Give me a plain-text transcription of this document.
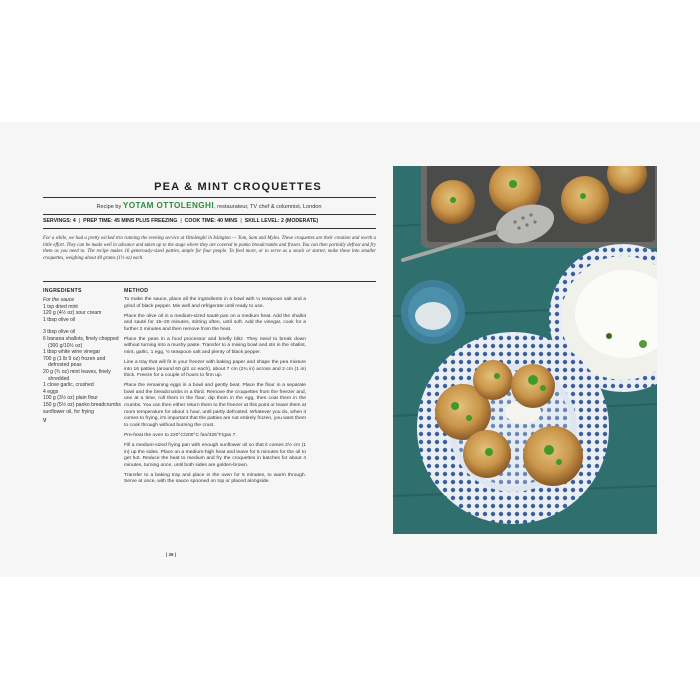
PEA & MINT CROQUETTES
Recipe by YOTAM OTTOLENGHI, restaurateur, TV chef & columnist, London
SERVINGS: 4 | PREP TIME: 45 MINS PLUS FREEZING | COOK TIME: 40 MINS | SKILL LEVEL: 2 (MODERATE)
For a while, we had a pretty wicked trio running the evening service at Ottolenghi in Islington — Tom, Sam and Myles. These croquettes are their creation and worth a little effort. They can be made well in advance and taken up to the stage where they are covered in panko breadcrumbs and frozen. You can then partially defrost and fry them as you need to. The recipe makes 16 generously-sized patties, ample for four people. To feed more, or to serve as a snack or starter, make these into smaller croquettes, weighing about 40 grams (1½ oz) each.
INGREDIENTS	METHOD
For the sauce
1 tsp dried mint
120 g (4½ oz) sour cream
1 tbsp olive oil
3 tbsp olive oil
6 banana shallots, finely chopped (300 g/10½ oz)
1 tbsp white wine vinegar
700 g (1 lb 9 oz) frozen and defrosted peas
20 g (¾ oz) mint leaves, finely shredded
1 clove garlic, crushed
4 eggs
100 g (3½ oz) plain flour
150 g (5½ oz) panko breadcrumbs
sunflower oil, for frying
V

To make the sauce, place all the ingredients in a bowl with ¼ teaspoon salt and a grind of black pepper. Mix well and refrigerate until ready to use.

Place the olive oil in a medium-sized sauté pan on a medium heat. Add the shallot and sauté for 15–20 minutes, stirring often, until soft. Add the vinegar, cook for a further 2 minutes and then remove from the heat.

Place the peas in a food processor and briefly blitz. They need to break down without turning into a mushy paste. Transfer to a mixing bowl and stir in the shallot, mint, garlic, 1 egg, ½ teaspoon salt and plenty of black pepper.

Line a tray that will fit in your freezer with baking paper and shape the pea mixture into 16 patties (around 60 g/2 oz each), about 7 cm (2¾ in) across and 2 cm (1 in) thick. Freeze for a couple of hours to firm up.

Place the remaining eggs in a bowl and gently beat. Place the flour in a separate bowl and the breadcrumbs in a third. Remove the croquettes from the freezer and, one at a time, roll them in the flour, dip them in the egg, then coat them in the crumbs. You can then either return them to the freezer at this point or leave them at room temperature for about 1 hour, until partly defrosted. Whatever you do, when it comes to frying, it's important that the patties are not entirely frozen, you want them to cook through without burning the crust.

Pre-heat the oven to 220°C/200°C fan/425°F/gas 7.

Fill a medium-sized frying pan with enough sunflower oil so that it comes 2½ cm (1 in) up the sides. Place on a medium-high heat and leave for 5 minutes for the oil to get hot. Reduce the heat to medium and fry the croquettes in batches for about 4 minutes, turning once, until both sides are golden-brown.

Transfer to a baking tray and place in the oven for 5 minutes, to warm through. Serve at once, with the sauce spooned on top or placed alongside.

| 36 |
